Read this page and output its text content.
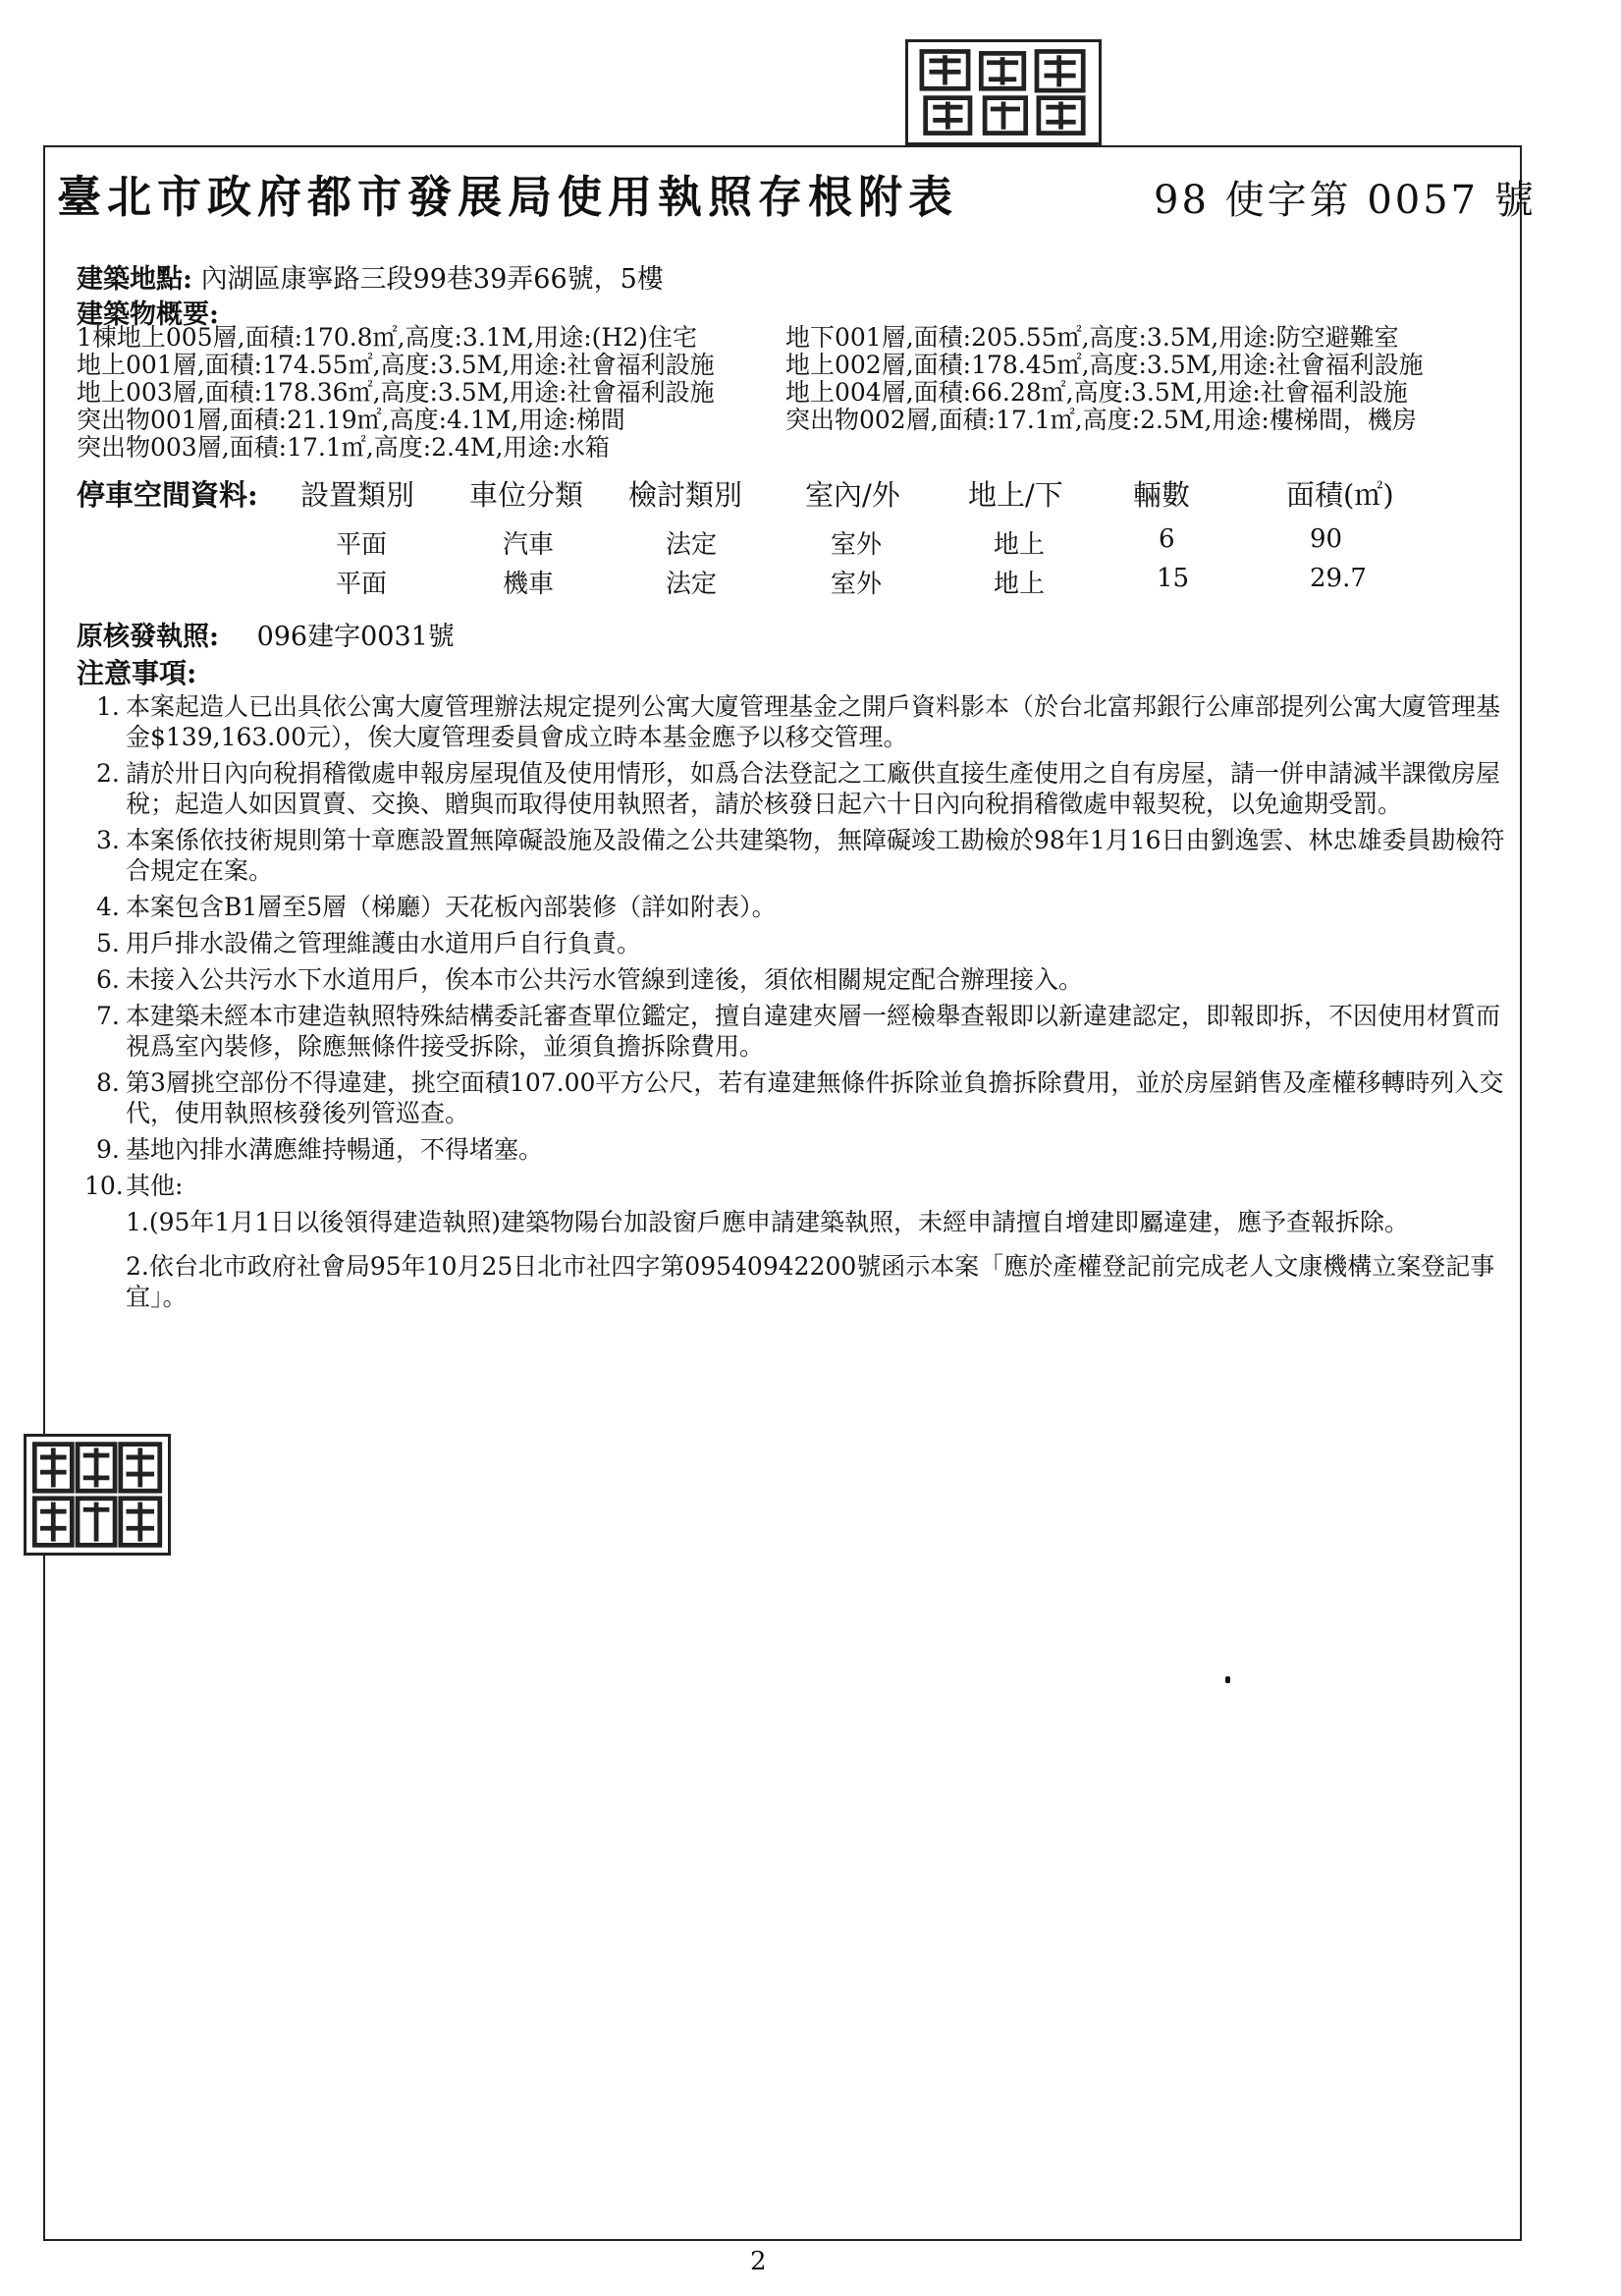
臺北市政府都市發展局使用執照存根附表	98 使字第 0057 號
建築地點: 內湖區康寧路三段99巷39弄66號，5樓
建築物概要:
1棟地上005層,面積:170.8㎡,高度:3.1M,用途:(H2)住宅
地上001層,面積:174.55㎡,高度:3.5M,用途:社會福利設施
地上003層,面積:178.36㎡,高度:3.5M,用途:社會福利設施
突出物001層,面積:21.19㎡,高度:4.1M,用途:梯間
突出物003層,面積:17.1㎡,高度:2.4M,用途:水箱
地下001層,面積:205.55㎡,高度:3.5M,用途:防空避難室
地上002層,面積:178.45㎡,高度:3.5M,用途:社會福利設施
地上004層,面積:66.28㎡,高度:3.5M,用途:社會福利設施
突出物002層,面積:17.1㎡,高度:2.5M,用途:樓梯間，機房
停車空間資料: 設置類別 車位分類 檢討類別 室內/外 地上/下 輛數	面積(㎡)
平面	汽車	法定	室外	地上	6	90
平面	機車	法定	室外	地上	15	29.7
原核發執照: 096建字0031號
注意事項:
1. 本案起造人已出具依公寓大廈管理辦法規定提列公寓大廈管理基金之開戶資料影本（於台北富邦銀行公庫部提列公寓大廈管理基金$139,163.00元），俟大廈管理委員會成立時本基金應予以移交管理。
2. 請於卅日內向稅捐稽徵處申報房屋現值及使用情形，如爲合法登記之工廠供直接生產使用之自有房屋，請一併申請減半課徵房屋稅；起造人如因買賣、交換、贈與而取得使用執照者，請於核發日起六十日內向稅捐稽徵處申報契稅，以免逾期受罰。
3. 本案係依技術規則第十章應設置無障礙設施及設備之公共建築物，無障礙竣工勘檢於98年1月16日由劉逸雲、林忠雄委員勘檢符合規定在案。
4. 本案包含B1層至5層（梯廳）天花板內部裝修（詳如附表）。
5. 用戶排水設備之管理維護由水道用戶自行負責。
6. 未接入公共污水下水道用戶，俟本市公共污水管線到達後，須依相關規定配合辦理接入。
7. 本建築未經本市建造執照特殊結構委託審查單位鑑定，擅自違建夾層一經檢舉查報即以新違建認定，即報即拆，不因使用材質而視爲室內裝修，除應無條件接受拆除，並須負擔拆除費用。
8. 第3層挑空部份不得違建，挑空面積107.00平方公尺，若有違建無條件拆除並負擔拆除費用，並於房屋銷售及產權移轉時列入交代，使用執照核發後列管巡查。
9. 基地內排水溝應維持暢通，不得堵塞。
10. 其他:
1.(95年1月1日以後領得建造執照)建築物陽台加設窗戶應申請建築執照，未經申請擅自增建即屬違建，應予查報拆除。
2.依台北市政府社會局95年10月25日北市社四字第09540942200號函示本案「應於產權登記前完成老人文康機構立案登記事宜」。
2
